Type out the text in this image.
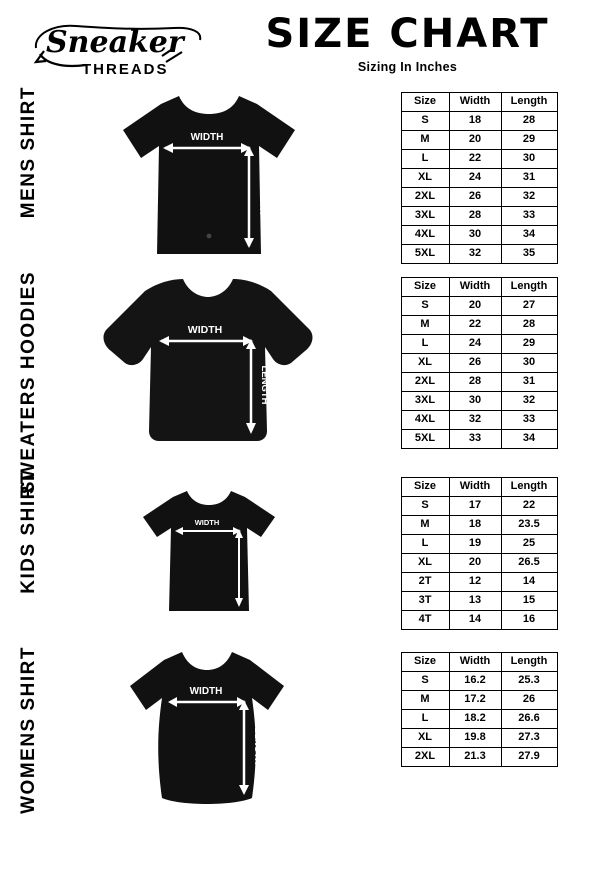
Sneaker
THREADS
SIZE CHART
Sizing In Inches
MENS SHIRT	WIDTH
LENGTH
Size	Width	Length
S	18	28
M	20	29
L	22	30
XL	24	31
2XL	26	32
3XL	28	33
4XL	30	34
5XL	32	35
SWEATERS HOODIES	WIDTH
LENGTH
Size	Width	Length
S	20	27
M	22	28
L	24	29
XL	26	30
2XL	28	31
3XL	30	32
4XL	32	33
5XL	33	34
KIDS SHIRT	WIDTH
LENGTH
Size	Width	Length
S	17	22
M	18	23.5
L	19	25
XL	20	26.5
2T	12	14
3T	13	15
4T	14	16
WOMENS SHIRT	WIDTH
LENGTH
Size	Width	Length
S	16.2	25.3
M	17.2	26
L	18.2	26.6
XL	19.8	27.3
2XL	21.3	27.9
